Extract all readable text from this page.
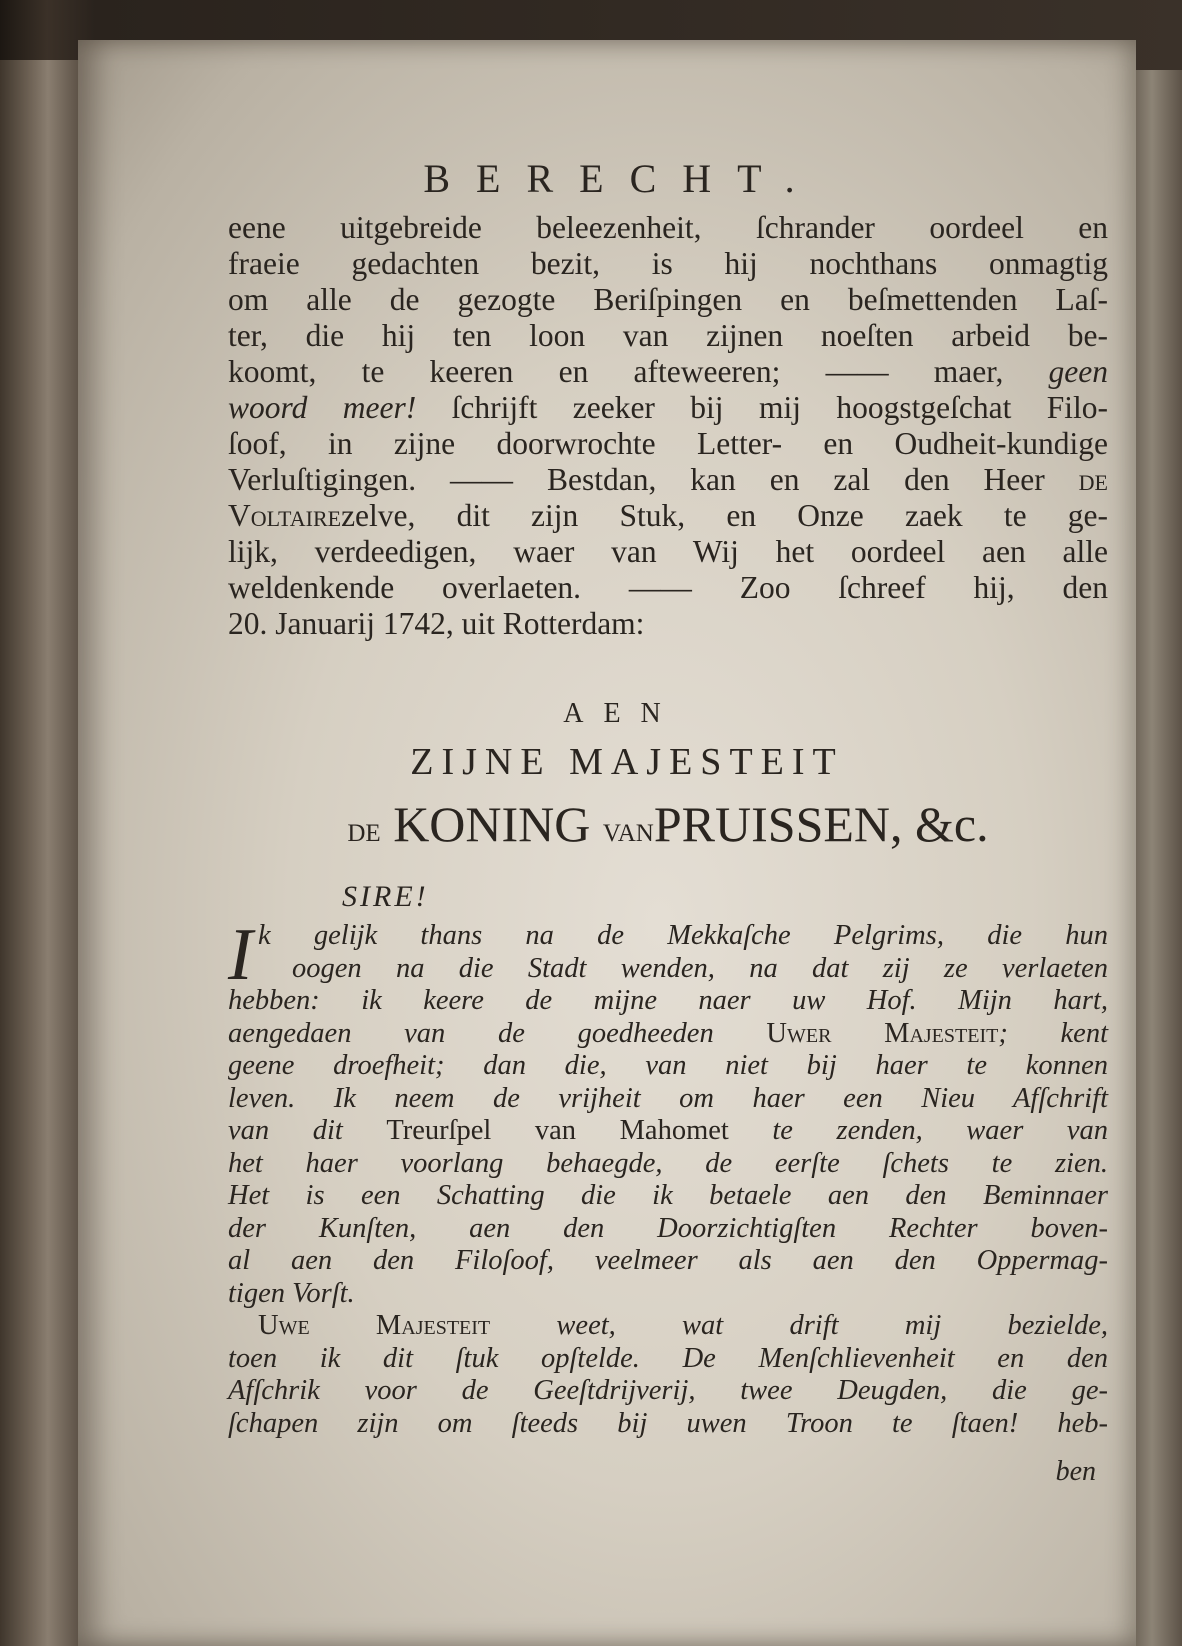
BERECHT.
eene uitgebreide beleezenheit, ſchrander oordeel en
fraeie gedachten bezit, is hij nochthans onmagtig
om alle de gezogte Beriſpingen en beſmettenden Laſ-
ter, die hij ten loon van zijnen noeſten arbeid be-
koomt, te keeren en afteweeren; —— maer, geen
woord meer! ſchrijft zeeker bij mij hoogstgeſchat Filo-
ſoof, in zijne doorwrochte Letter- en Oudheit-kundige
Verluſtigingen. —— Bestdan, kan en zal den Heer de
Voltairezelve, dit zijn Stuk, en Onze zaek te ge-
lijk, verdeedigen, waer van Wij het oordeel aen alle
weldenkende overlaeten. —— Zoo ſchreef hij, den
20. Januarij 1742, uit Rotterdam:
AEN
ZIJNE MAJESTEIT
de KONING vanPRUISSEN, &c.
SIRE!
k gelijk thans na de Mekkaſche Pelgrims, die hun
oogen na die Stadt wenden, na dat zij ze verlaeten
hebben: ik keere de mijne naer uw Hof. Mijn hart,
aengedaen van de goedheeden Uwer Majesteit; kent
geene droefheit; dan die, van niet bij haer te konnen
leven. Ik neem de vrijheit om haer een Nieu Afſchrift
van dit Treurſpel van Mahomet te zenden, waer van
het haer voorlang behaegde, de eerſte ſchets te zien.
Het is een Schatting die ik betaele aen den Beminnaer
der Kunſten, aen den Doorzichtigſten Rechter boven-
al aen den Filoſoof, veelmeer als aen den Oppermag-
tigen Vorſt.
Uwe Majesteit weet, wat drift mij bezielde,
toen ik dit ſtuk opſtelde. De Menſchlievenheit en den
Afſchrik voor de Geeſtdrijverij, twee Deugden, die ge-
ſchapen zijn om ſteeds bij uwen Troon te ſtaen! heb-
I
ben
